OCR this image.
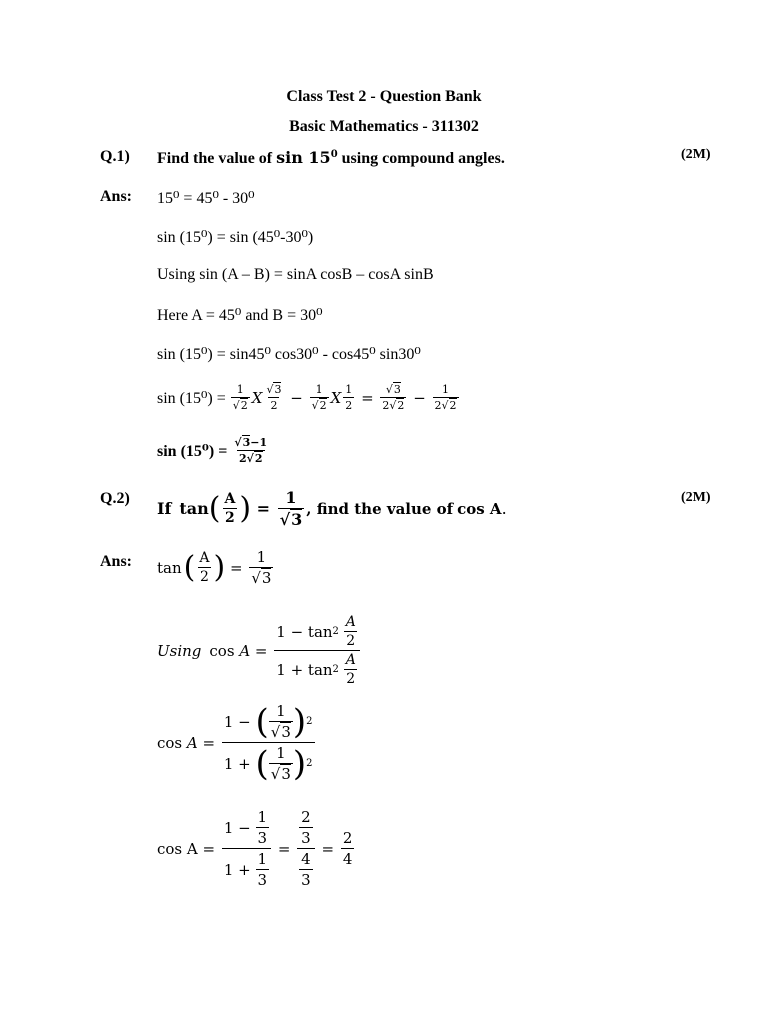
Class Test 2 - Question Bank
Basic Mathematics - 311302
Q.1) Find the value of $\sin 15^0$ using compound angles.	(2M)
Ans: 15⁰ = 45⁰ - 30⁰
sin (15⁰) = sin (45⁰-30⁰)
Using sin (A – B) = sinA cosB – cosA sinB
Here A = 45⁰ and B = 30⁰
sin (15⁰) = sin45⁰ cos30⁰ - cos45⁰ sin30⁰
$\sin (15^0) = \frac{1}{√2}$ X $\frac{√3}{2} - \frac{1}{√2}$ X $\frac{1}{2} = \frac{√3}{2√2} - \frac{1}{2√2}$
$\sin (15^0) = \frac{√3-1}{2√2}$
Q.2)
If tan ( $\frac{A}{2}$ ) = $\frac{1}{√3}$ , find the value of cos A .
(2M)
Ans: tan ( $\frac{A}{2}$ ) = $\frac{1}{√3}$
Using cos A = 1 − tan 2
$\frac{A}{2}$
1 + tan 2
$\frac{A}{2}$
$\cos A = \frac{1 - ( \frac{1}{√3} ) 2}{1 + ( \frac{1}{√3} ) 2}$
cos A =
$\frac{1 - \frac{1}{3}}{1 + \frac{1}{3}} = \frac{\frac{2}{3}}{\frac{4}{3}} = \frac{2}{4}$
